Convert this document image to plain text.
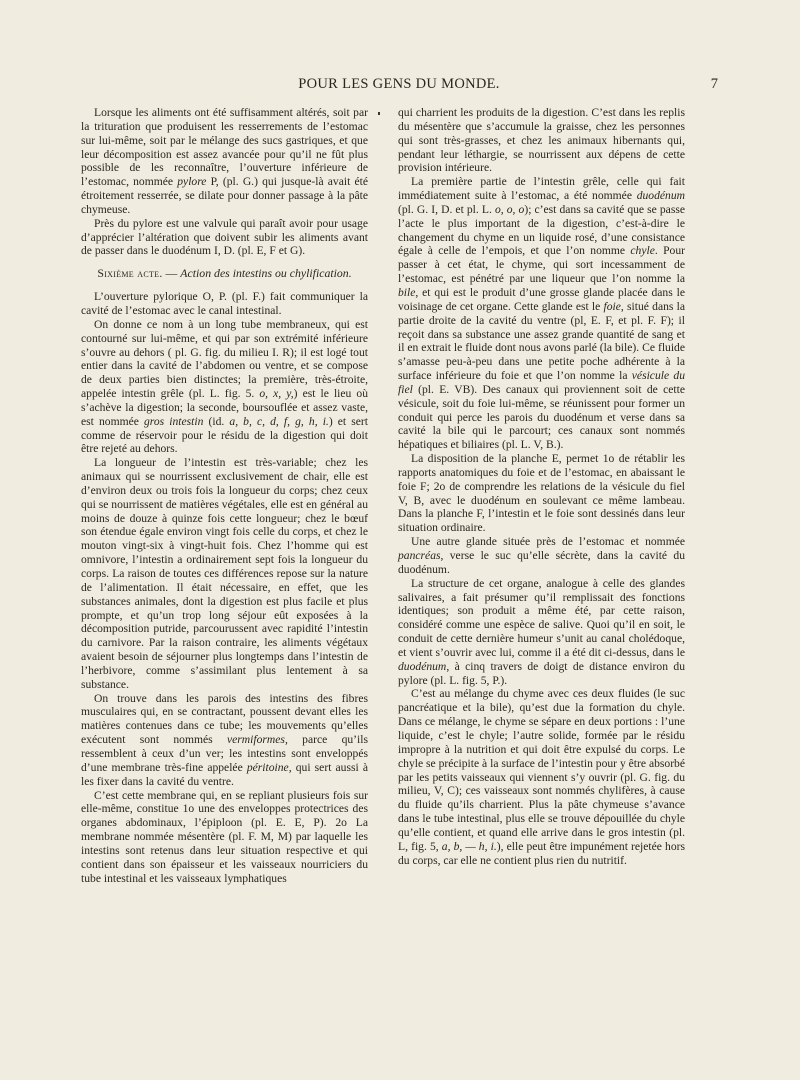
POUR LES GENS DU MONDE.	7

Lorsque les aliments ont été suffisamment altérés, soit par la trituration que produisent les resserrements de l’estomac sur lui-même, soit par le mélange des sucs gastriques, et que leur décomposition est assez avancée pour qu’il ne fût plus possible de les reconnaître, l’ouverture inférieure de l’estomac, nommée pylore P, (pl. G.) qui jusque-là avait été étroitement resserrée, se dilate pour donner passage à la pâte chymeuse.

Près du pylore est une valvule qui paraît avoir pour usage d’apprécier l’altération que doivent subir les aliments avant de passer dans le duodénum I, D. (pl. E, F et G).

Sixième acte. — Action des intestins ou chylification.

L’ouverture pylorique O, P. (pl. F.) fait communiquer la cavité de l’estomac avec le canal intestinal.

On donne ce nom à un long tube membraneux, qui est contourné sur lui-même, et qui par son extrémité inférieure s’ouvre au dehors ( pl. G. fig. du milieu I. R); il est logé tout entier dans la cavité de l’abdomen ou ventre, et se compose de deux parties bien distinctes; la première, très-étroite, appelée intestin grêle (pl. L. fig. 5. o, x, y,) est le lieu où s’achève la digestion; la seconde, boursouflée et assez vaste, est nommée gros intestin (id. a, b, c, d, f, g, h, i.) et sert comme de réservoir pour le résidu de la digestion qui doit être rejeté au dehors.

La longueur de l’intestin est très-variable; chez les animaux qui se nourrissent exclusivement de chair, elle est d’environ deux ou trois fois la longueur du corps; chez ceux qui se nourrissent de matières végétales, elle est en général au moins de douze à quinze fois cette longueur; chez le bœuf son étendue égale environ vingt fois celle du corps, et chez le mouton vingt-six à vingt-huit fois. Chez l’homme qui est omnivore, l’intestin a ordinairement sept fois la longueur du corps. La raison de toutes ces différences repose sur la nature de l’alimentation. Il était nécessaire, en effet, que les substances animales, dont la digestion est plus facile et plus prompte, et qu’un trop long séjour eût exposées à la décomposition putride, parcourussent avec rapidité l’intestin du carnivore. Par la raison contraire, les aliments végétaux avaient besoin de séjourner plus longtemps dans l’intestin de l’herbivore, comme s’assimilant plus lentement à sa substance.

On trouve dans les parois des intestins des fibres musculaires qui, en se contractant, poussent devant elles les matières contenues dans ce tube; les mouvements qu’elles exécutent sont nommés vermiformes, parce qu’ils ressemblent à ceux d’un ver; les intestins sont enveloppés d’une membrane très-fine appelée péritoine, qui sert aussi à les fixer dans la cavité du ventre.

C’est cette membrane qui, en se repliant plusieurs fois sur elle-même, constitue 1o une des enveloppes protectrices des organes abdominaux, l’épiploon (pl. E. E, P). 2o La membrane nommée mésentère (pl. F. M, M) par laquelle les intestins sont retenus dans leur situation respective et qui contient dans son épaisseur et les vaisseaux nourriciers du tube intestinal et les vaisseaux lymphatiques

qui charrient les produits de la digestion. C’est dans les replis du mésentère que s’accumule la graisse, chez les personnes qui sont très-grasses, et chez les animaux hibernants qui, pendant leur léthargie, se nourrissent aux dépens de cette provision intérieure.

La première partie de l’intestin grêle, celle qui fait immédiatement suite à l’estomac, a été nommée duodénum (pl. G. I, D. et pl. L. o, o, o); c’est dans sa cavité que se passe l’acte le plus important de la digestion, c’est-à-dire le changement du chyme en un liquide rosé, d’une consistance égale à celle de l’empois, et que l’on nomme chyle. Pour passer à cet état, le chyme, qui sort incessamment de l’estomac, est pénétré par une liqueur que l’on nomme la bile, et qui est le produit d’une grosse glande placée dans le voisinage de cet organe. Cette glande est le foie, situé dans la partie droite de la cavité du ventre (pl, E. F, et pl. F. F); il reçoit dans sa substance une assez grande quantité de sang et il en extrait le fluide dont nous avons parlé (la bile). Ce fluide s’amasse peu-à-peu dans une petite poche adhérente à la surface inférieure du foie et que l’on nomme la vésicule du fiel (pl. E. VB). Des canaux qui proviennent soit de cette vésicule, soit du foie lui-même, se réunissent pour former un conduit qui perce les parois du duodénum et verse dans sa cavité la bile qui le parcourt; ces canaux sont nommés hépatiques et biliaires (pl. L. V, B.).

La disposition de la planche E, permet 1o de rétablir les rapports anatomiques du foie et de l’estomac, en abaissant le foie F; 2o de comprendre les relations de la vésicule du fiel V, B, avec le duodénum en soulevant ce même lambeau. Dans la planche F, l’intestin et le foie sont dessinés dans leur situation ordinaire.

Une autre glande située près de l’estomac et nommée pancréas, verse le suc qu’elle sécrète, dans la cavité du duodénum.

La structure de cet organe, analogue à celle des glandes salivaires, a fait présumer qu’il remplissait des fonctions identiques; son produit a même été, par cette raison, considéré comme une espèce de salive. Quoi qu’il en soit, le conduit de cette dernière humeur s’unit au canal cholédoque, et vient s’ouvrir avec lui, comme il a été dit ci-dessus, dans le duodénum, à cinq travers de doigt de distance environ du pylore (pl. L. fig. 5, P.).

C’est au mélange du chyme avec ces deux fluides (le suc pancréatique et la bile), qu’est due la formation du chyle. Dans ce mélange, le chyme se sépare en deux portions : l’une liquide, c’est le chyle; l’autre solide, formée par le résidu impropre à la nutrition et qui doit être expulsé du corps. Le chyle se précipite à la surface de l’intestin pour y être absorbé par les petits vaisseaux qui viennent s’y ouvrir (pl. G. fig. du milieu, V, C); ces vaisseaux sont nommés chylifères, à cause du fluide qu’ils charrient. Plus la pâte chymeuse s’avance dans le tube intestinal, plus elle se trouve dépouillée du chyle qu’elle contient, et quand elle arrive dans le gros intestin (pl. L, fig. 5, a, b, — h, i.), elle peut être impunément rejetée hors du corps, car elle ne contient plus rien du nutritif.
